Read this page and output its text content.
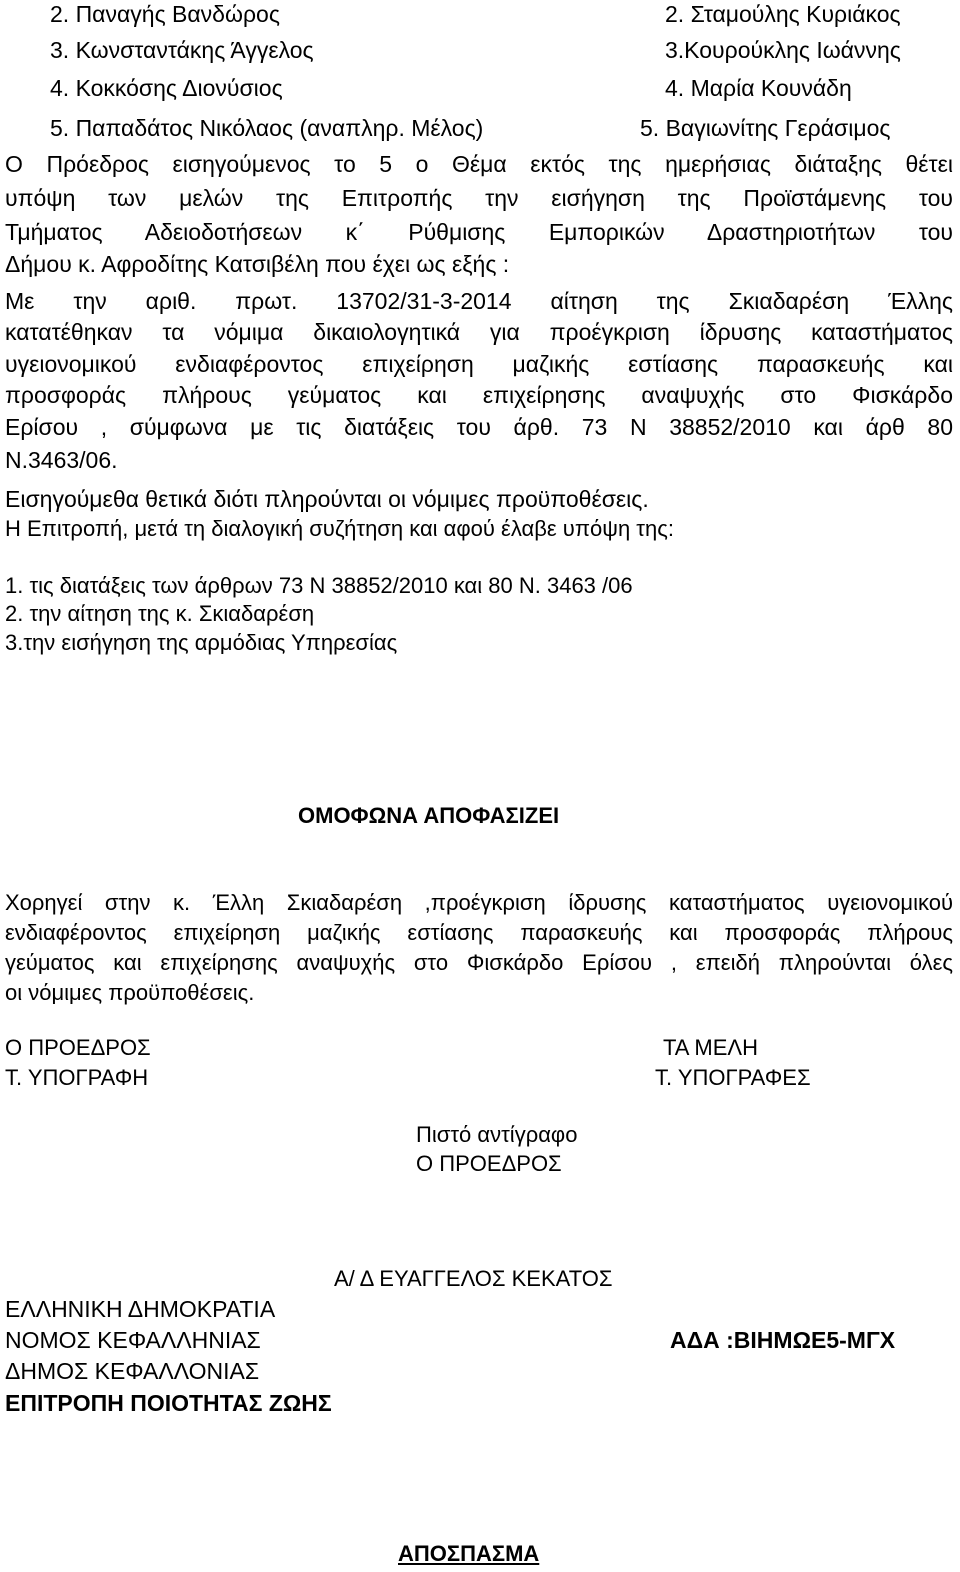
2. Παναγής Βανδώρος	2. Σταμούλης Κυριάκος
3. Κωνσταντάκης Άγγελος	3.Κουρούκλης Ιωάννης
4. Κοκκόσης Διονύσιος	4. Μαρία Κουνάδη
5. Παπαδάτος Νικόλαος (αναπληρ. Μέλος)	5. Βαγιωνίτης Γεράσιμος
Ο Πρόεδρος εισηγούμενος το 5 ο Θέμα εκτός της ημερήσιας διάταξης θέτει
υπόψη των μελών της Επιτροπής την εισήγηση της Προϊστάμενης του
Τμήματος Αδειοδοτήσεων κ΄ Ρύθμισης Εμπορικών Δραστηριοτήτων του
Δήμου κ. Αφροδίτης Κατσιβέλη που έχει ως εξής :
Με την αριθ. πρωτ. 13702/31-3-2014 αίτηση της Σκιαδαρέση Έλλης
κατατέθηκαν τα νόμιμα δικαιολογητικά για προέγκριση ίδρυσης καταστήματος
υγειονομικού ενδιαφέροντος επιχείρηση μαζικής εστίασης παρασκευής και
προσφοράς πλήρους γεύματος και επιχείρησης αναψυχής στο Φισκάρδο
Ερίσου , σύμφωνα με τις διατάξεις του άρθ. 73 Ν 38852/2010 και άρθ 80
Ν.3463/06.
Εισηγούμεθα θετικά διότι πληρούνται οι νόμιμες προϋποθέσεις.
Η Επιτροπή, μετά τη διαλογική συζήτηση και αφού έλαβε υπόψη της:
1. τις διατάξεις των άρθρων 73 Ν 38852/2010 και 80 Ν. 3463 /06
2. την αίτηση της κ. Σκιαδαρέση
3.την εισήγηση της αρμόδιας Υπηρεσίας
ΟΜΟΦΩΝΑ ΑΠΟΦΑΣΙΖΕΙ
Χορηγεί στην κ. Έλλη Σκιαδαρέση ,προέγκριση ίδρυσης καταστήματος υγειονομικού
ενδιαφέροντος επιχείρηση μαζικής εστίασης παρασκευής και προσφοράς πλήρους
γεύματος και επιχείρησης αναψυχής στο Φισκάρδο Ερίσου , επειδή πληρούνται όλες
οι νόμιμες προϋποθέσεις.
Ο ΠΡΟΕΔΡΟΣ	ΤΑ ΜΕΛΗ
Τ. ΥΠΟΓΡΑΦΗ	Τ. ΥΠΟΓΡΑΦΕΣ
Πιστό αντίγραφο
Ο ΠΡΟΕΔΡΟΣ
Α/ Δ ΕΥΑΓΓΕΛΟΣ ΚΕΚΑΤΟΣ
ΕΛΛΗΝΙΚΗ ΔΗΜΟΚΡΑΤΙΑ
ΝΟΜΟΣ ΚΕΦΑΛΛΗΝΙΑΣ	ΑΔΑ :ΒΙΗΜΩΕ5-ΜΓΧ
ΔΗΜΟΣ ΚΕΦΑΛΛΟΝΙΑΣ
ΕΠΙΤΡΟΠΗ ΠΟΙΟΤΗΤΑΣ ΖΩΗΣ
ΑΠΟΣΠΑΣΜΑ
